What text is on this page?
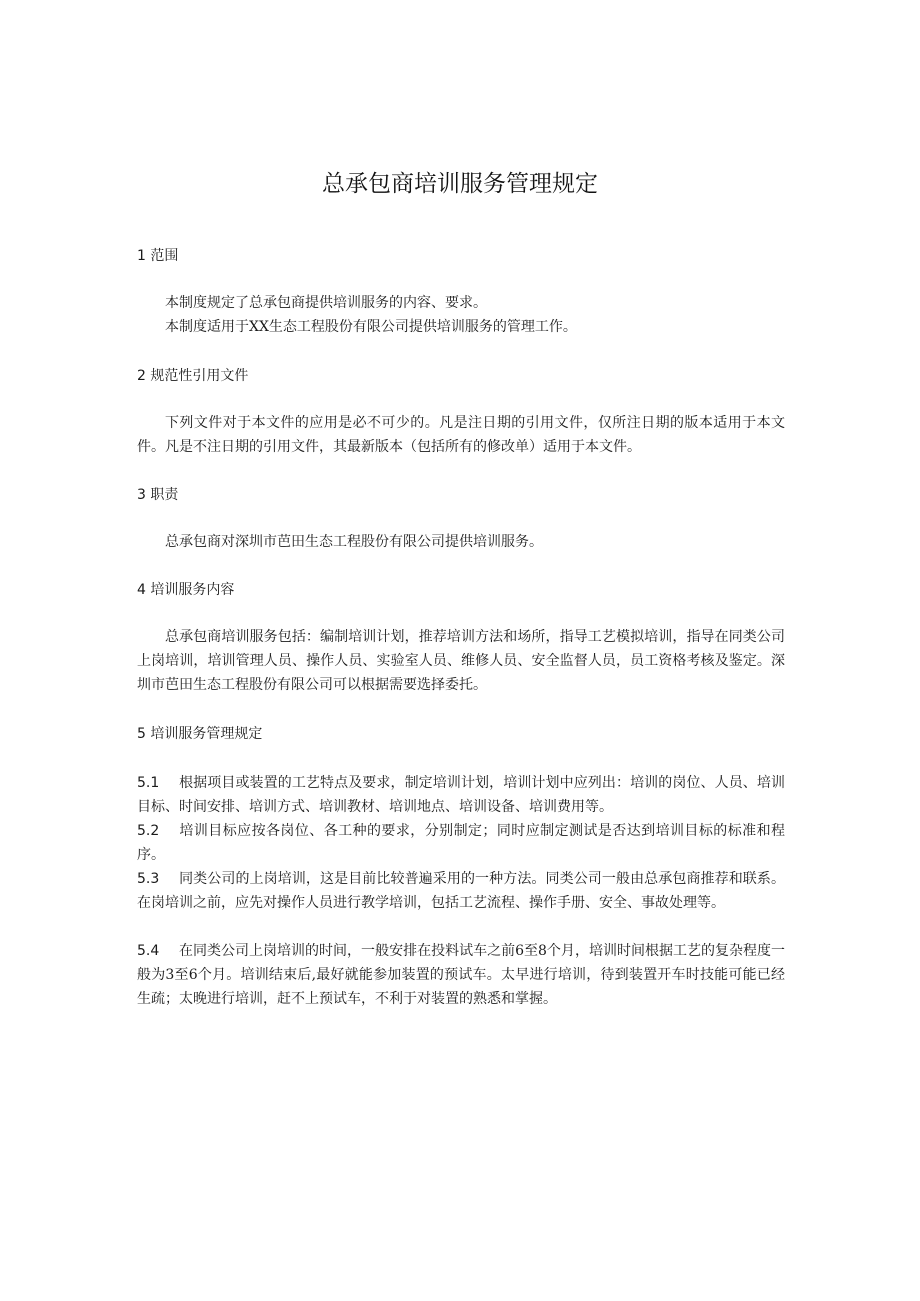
总承包商培训服务管理规定
1 范围

本制度规定了总承包商提供培训服务的内容、要求。

本制度适用于XX生态工程股份有限公司提供培训服务的管理工作。

2 规范性引用文件

下列文件对于本文件的应用是必不可少的。凡是注日期的引用文件，仅所注日期的版本适用于本文件。凡是不注日期的引用文件，其最新版本（包括所有的修改单）适用于本文件。

3 职责

总承包商对深圳市芭田生态工程股份有限公司提供培训服务。

4 培训服务内容

总承包商培训服务包括：编制培训计划，推荐培训方法和场所，指导工艺模拟培训，指导在同类公司上岗培训，培训管理人员、操作人员、实验室人员、维修人员、安全监督人员，员工资格考核及鉴定。深圳市芭田生态工程股份有限公司可以根据需要选择委托。

5 培训服务管理规定
5.1 根据项目或装置的工艺特点及要求，制定培训计划，培训计划中应列出：培训的岗位、人员、培训目标、时间安排、培训方式、培训教材、培训地点、培训设备、培训费用等。
5.2 培训目标应按各岗位、各工种的要求，分别制定；同时应制定测试是否达到培训目标的标准和程序。
5.3 同类公司的上岗培训，这是目前比较普遍采用的一种方法。同类公司一般由总承包商推荐和联系。在岗培训之前，应先对操作人员进行教学培训，包括工艺流程、操作手册、安全、事故处理等。
5.4 在同类公司上岗培训的时间，一般安排在投料试车之前6至8个月，培训时间根据工艺的复杂程度一般为3至6个月。培训结束后,最好就能参加装置的预试车。太早进行培训，待到装置开车时技能可能已经生疏；太晚进行培训，赶不上预试车，不利于对装置的熟悉和掌握。
